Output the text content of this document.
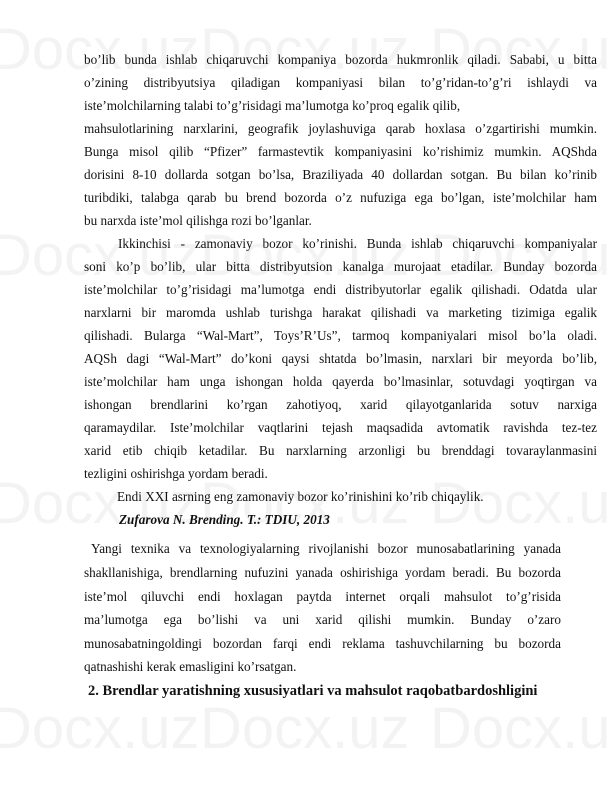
bo’lib bunda ishlab chiqaruvchi kompaniya bozorda hukmronlik qiladi. Sababi, u bitta
o’zining distribyutsiya qiladigan kompaniyasi bilan to’g’ridan-to’g’ri ishlaydi va
iste’molchilarning talabi to’g’risidagi ma’lumotga ko’proq egalik qilib,
mahsulotlarining narxlarini, geografik joylashuviga qarab hoxlasa o’zgartirishi mumkin.
Bunga misol qilib “Pfizer” farmastevtik kompaniyasini ko’rishimiz mumkin. AQShda
dorisini 8-10 dollarda sotgan bo’lsa, Braziliyada 40 dollardan sotgan. Bu bilan ko’rinib
turibdiki, talabga qarab bu brend bozorda o’z nufuziga ega bo’lgan, iste’molchilar ham
bu narxda iste’mol qilishga rozi bo’lganlar.
Ikkinchisi - zamonaviy bozor ko’rinishi. Bunda ishlab chiqaruvchi kompaniyalar
soni ko’p bo’lib, ular bitta distribyutsion kanalga murojaat etadilar. Bunday bozorda
iste’molchilar to’g’risidagi ma’lumotga endi distribyutorlar egalik qilishadi. Odatda ular
narxlarni bir maromda ushlab turishga harakat qilishadi va marketing tizimiga egalik
qilishadi. Bularga “Wal-Mart”, Toys’R’Us”, tarmoq kompaniyalari misol bo’la oladi.
AQSh dagi “Wal-Mart” do’koni qaysi shtatda bo’lmasin, narxlari bir meyorda bo’lib,
iste’molchilar ham unga ishongan holda qayerda bo’lmasinlar, sotuvdagi yoqtirgan va
ishongan brendlarini ko’rgan zahotiyoq, xarid qilayotganlarida sotuv narxiga
qaramaydilar. Iste’molchilar vaqtlarini tejash maqsadida avtomatik ravishda tez-tez
xarid etib chiqib ketadilar. Bu narxlarning arzonligi bu brenddagi tovaraylanmasini
tezligini oshirishga yordam beradi.
Endi XXI asrning eng zamonaviy bozor ko’rinishini ko’rib chiqaylik.
Zufarova N. Brending. T.: TDIU, 2013
Yangi texnika va texnologiyalarning rivojlanishi bozor munosabatlarining yanada
shakllanishiga, brendlarning nufuzini yanada oshirishiga yordam beradi. Bu bozorda
iste’mol qiluvchi endi hoxlagan paytda internet orqali mahsulot to’g’risida
ma’lumotga ega bo’lishi va uni xarid qilishi mumkin. Bunday o’zaro
munosabatningoldingi bozordan farqi endi reklama tashuvchilarning bu bozorda
qatnashishi kerak emasligini ko’rsatgan.
2. Brendlar yaratishning xususiyatlari va mahsulot raqobatbardoshligini
